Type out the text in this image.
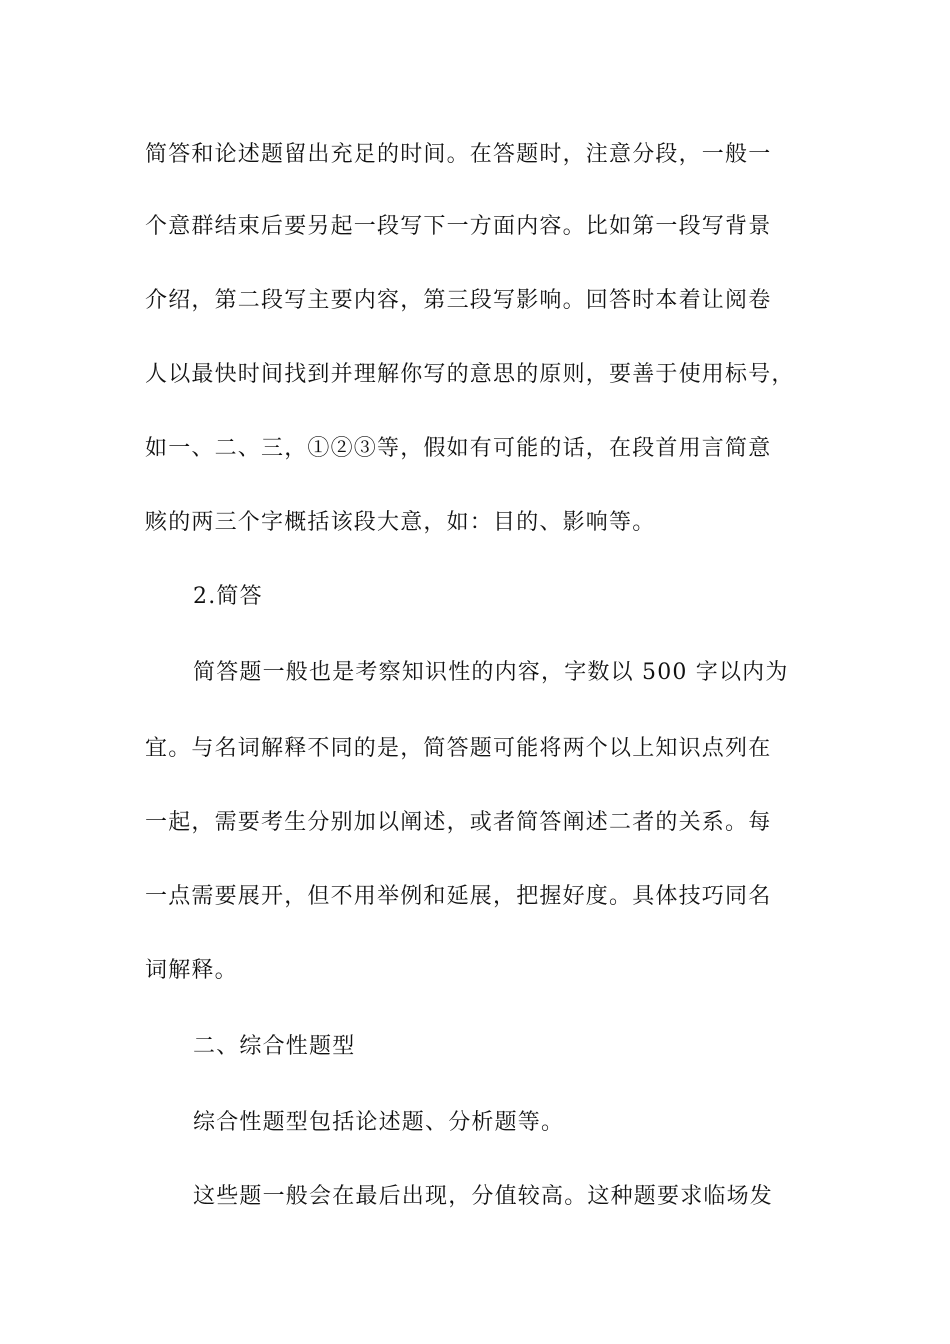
简答和论述题留出充足的时间。在答题时，注意分段，一般一
个意群结束后要另起一段写下一方面内容。比如第一段写背景
介绍，第二段写主要内容，第三段写影响。回答时本着让阅卷
人以最快时间找到并理解你写的意思的原则，要善于使用标号，
如一、二、三，①②③等，假如有可能的话，在段首用言简意
赅的两三个字概括该段大意，如：目的、影响等。
2.简答
简答题一般也是考察知识性的内容，字数以 500 字以内为
宜。与名词解释不同的是，简答题可能将两个以上知识点列在
一起，需要考生分别加以阐述，或者简答阐述二者的关系。每
一点需要展开，但不用举例和延展，把握好度。具体技巧同名
词解释。
二、综合性题型
综合性题型包括论述题、分析题等。
这些题一般会在最后出现，分值较高。这种题要求临场发
